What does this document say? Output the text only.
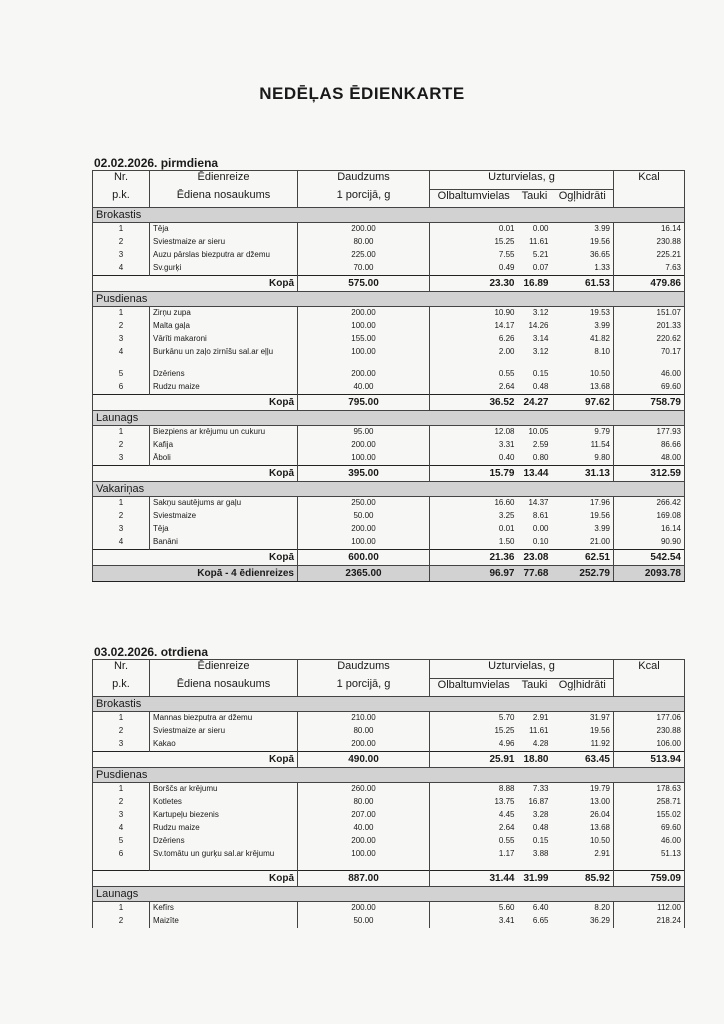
NEDĒĻAS ĒDIENKARTE
02.02.2026. pirmdiena
Nr.	Ēdienreize	Daudzums	Uzturvielas, g			Kcal
p.k.	Ēdiena nosaukums	1 porcijā, g	Olbaltumvielas	Tauki	Ogļhidrāti	
Brokastis						
1	Tēja	200.00	0.01	0.00	3.99	16.14
2	Sviestmaize ar sieru	80.00	15.25	11.61	19.56	230.88
3	Auzu pārslas biezputra ar džemu	225.00	7.55	5.21	36.65	225.21
4	Sv.gurķi	70.00	0.49	0.07	1.33	7.63
Kopā		575.00	23.30	16.89	61.53	479.86
Pusdienas						
1	Zirņu zupa	200.00	10.90	3.12	19.53	151.07
2	Malta gaļa	100.00	14.17	14.26	3.99	201.33
3	Vārīti makaroni	155.00	6.26	3.14	41.82	220.62
4	Burkānu un zaļo zirnīšu sal.ar eļļu	100.00	2.00	3.12	8.10	70.17
5	Dzēriens	200.00	0.55	0.15	10.50	46.00
6	Rudzu maize	40.00	2.64	0.48	13.68	69.60
Kopā		795.00	36.52	24.27	97.62	758.79
Launags						
1	Biezpiens ar krējumu un cukuru	95.00	12.08	10.05	9.79	177.93
2	Kafija	200.00	3.31	2.59	11.54	86.66
3	Āboli	100.00	0.40	0.80	9.80	48.00
Kopā		395.00	15.79	13.44	31.13	312.59
Vakariņas						
1	Sakņu sautējums ar gaļu	250.00	16.60	14.37	17.96	266.42
2	Sviestmaize	50.00	3.25	8.61	19.56	169.08
3	Tēja	200.00	0.01	0.00	3.99	16.14
4	Banāni	100.00	1.50	0.10	21.00	90.90
Kopā		600.00	21.36	23.08	62.51	542.54
Kopā - 4 ēdienreizes		2365.00	96.97	77.68	252.79	2093.78
03.02.2026. otrdiena
Nr.	Ēdienreize	Daudzums	Uzturvielas, g			Kcal
p.k.	Ēdiena nosaukums	1 porcijā, g	Olbaltumvielas	Tauki	Ogļhidrāti	
Brokastis						
1	Mannas biezputra ar džemu	210.00	5.70	2.91	31.97	177.06
2	Sviestmaize ar sieru	80.00	15.25	11.61	19.56	230.88
3	Kakao	200.00	4.96	4.28	11.92	106.00
Kopā		490.00	25.91	18.80	63.45	513.94
Pusdienas						
1	Borščs ar krējumu	260.00	8.88	7.33	19.79	178.63
2	Kotletes	80.00	13.75	16.87	13.00	258.71
3	Kartupeļu biezenis	207.00	4.45	3.28	26.04	155.02
4	Rudzu maize	40.00	2.64	0.48	13.68	69.60
5	Dzēriens	200.00	0.55	0.15	10.50	46.00
6	Sv.tomātu un gurķu sal.ar krējumu	100.00	1.17	3.88	2.91	51.13
Kopā		887.00	31.44	31.99	85.92	759.09
Launags						
1	Kefīrs	200.00	5.60	6.40	8.20	112.00
2	Maizīte	50.00	3.41	6.65	36.29	218.24
